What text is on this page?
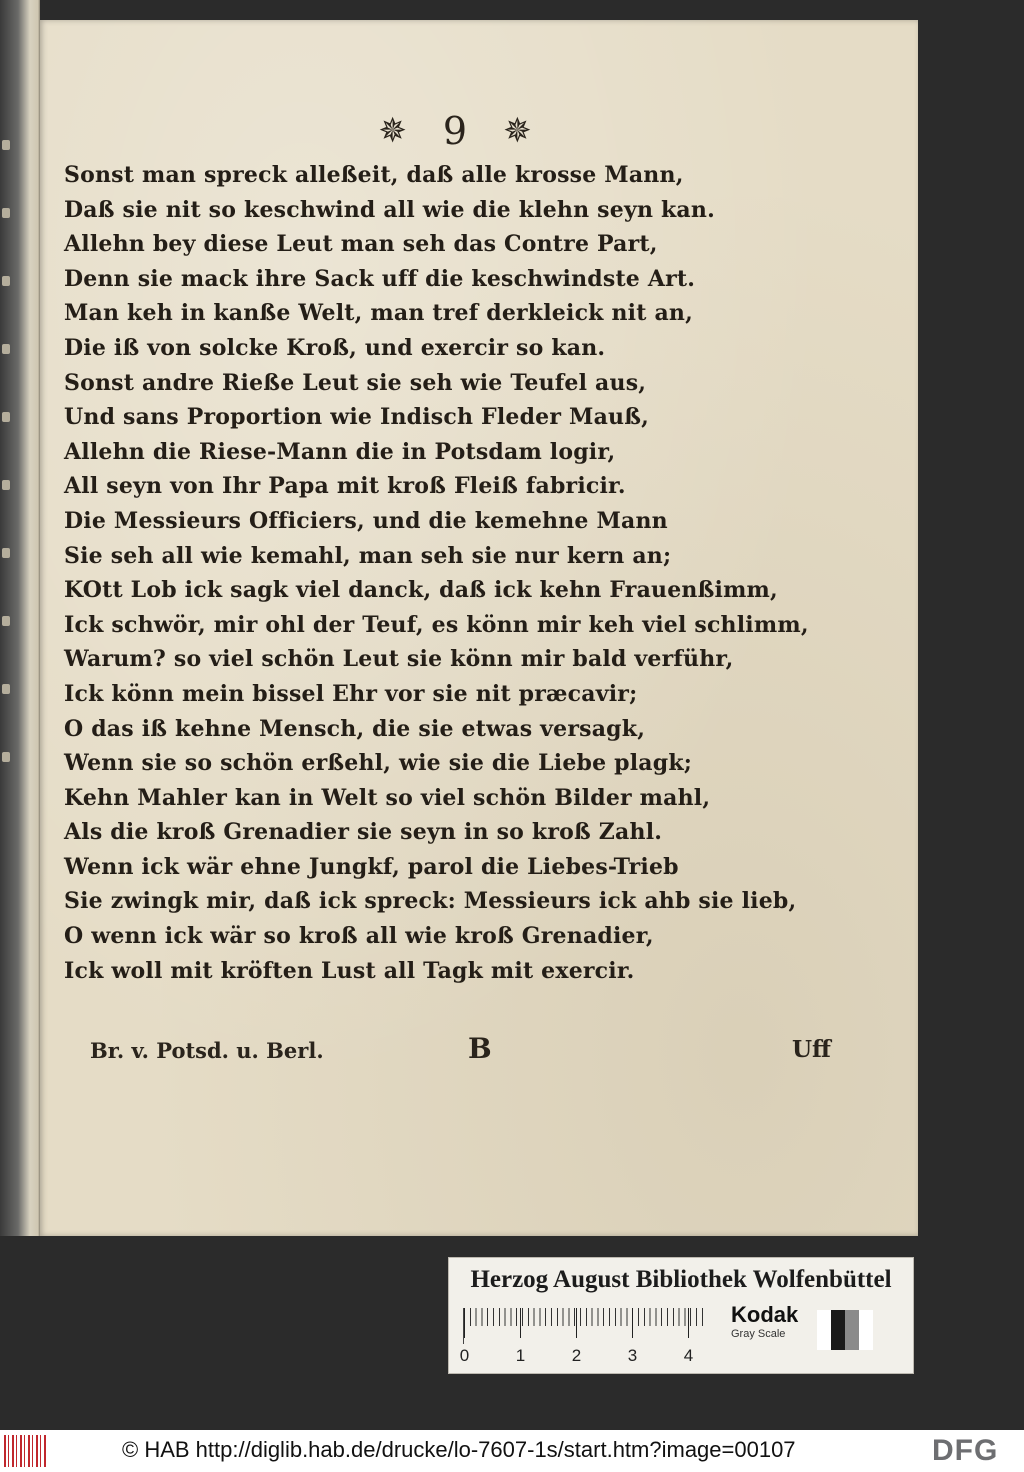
✵ 9 ✵
Sonst man spreck alleßeit, daß alle krosse Mann,
Daß sie nit so keschwind all wie die klehn seyn kan.
Allehn bey diese Leut man seh das Contre Part,
Denn sie mack ihre Sack uff die keschwindste Art.
Man keh in kanße Welt, man tref derkleick nit an,
Die iß von solcke Kroß, und exercir so kan.
Sonst andre Rieße Leut sie seh wie Teufel aus,
Und sans Proportion wie Indisch Fleder Mauß,
Allehn die Riese-Mann die in Potsdam logir,
All seyn von Ihr Papa mit kroß Fleiß fabricir.
Die Messieurs Officiers, und die kemehne Mann
Sie seh all wie kemahl, man seh sie nur kern an;
KOtt Lob ick sagk viel danck, daß ick kehn Frauenßimm,
Ick schwör, mir ohl der Teuf, es könn mir keh viel schlimm,
Warum? so viel schön Leut sie könn mir bald verführ,
Ick könn mein bissel Ehr vor sie nit præcavir;
O das iß kehne Mensch, die sie etwas versagk,
Wenn sie so schön erßehl, wie sie die Liebe plagk;
Kehn Mahler kan in Welt so viel schön Bilder mahl,
Als die kroß Grenadier sie seyn in so kroß Zahl.
Wenn ick wär ehne Jungkf, parol die Liebes-Trieb
Sie zwingk mir, daß ick spreck: Messieurs ick ahb sie lieb,
O wenn ick wär so kroß all wie kroß Grenadier,
Ick woll mit kröften Lust all Tagk mit exercir.
Br. v. Potsd. u. Berl.	B	Uff
Herzog August Bibliothek Wolfenbüttel
0	1	2	3	4
Kodak
Gray Scale
© HAB http://diglib.hab.de/drucke/lo-7607-1s/start.htm?image=00107	DFG
